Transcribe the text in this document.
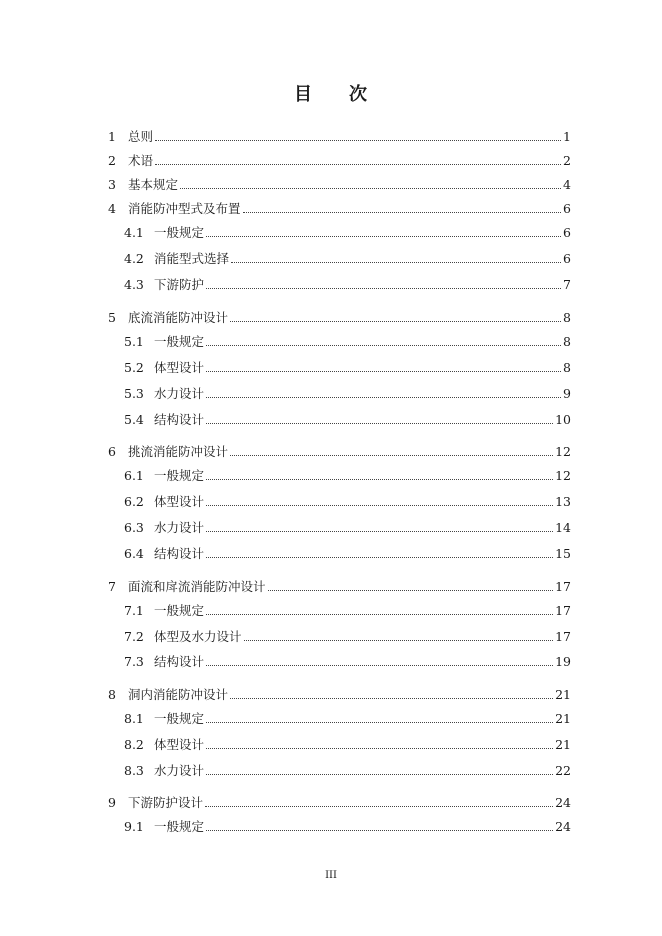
目 次
1 总则	1
2 术语	2
3 基本规定	4
4 消能防冲型式及布置	6
4.1 一般规定	6
4.2 消能型式选择	6
4.3 下游防护	7
5 底流消能防冲设计	8
5.1 一般规定	8
5.2 体型设计	8
5.3 水力设计	9
5.4 结构设计	10
6 挑流消能防冲设计	12
6.1 一般规定	12
6.2 体型设计	13
6.3 水力设计	14
6.4 结构设计	15
7 面流和戽流消能防冲设计	17
7.1 一般规定	17
7.2 体型及水力设计	17
7.3 结构设计	19
8 洞内消能防冲设计	21
8.1 一般规定	21
8.2 体型设计	21
8.3 水力设计	22
9 下游防护设计	24
9.1 一般规定	24
III
